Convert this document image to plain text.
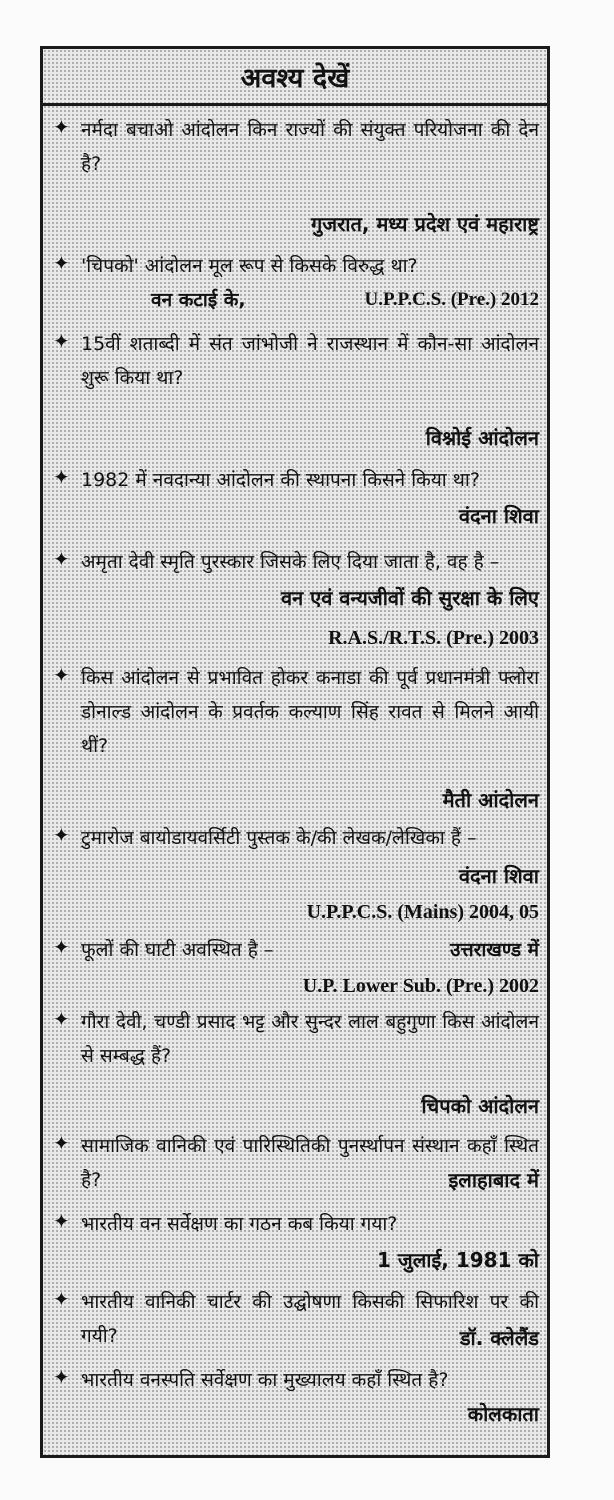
अवश्य देखें
✦ नर्मदा बचाओ आंदोलन किन राज्यों की संयुक्त परियोजना की देन है?
गुजरात, मध्य प्रदेश एवं महाराष्ट्र
✦ 'चिपको' आंदोलन मूल रूप से किसके विरुद्ध था?
वन कटाई के,	U.P.P.C.S. (Pre.) 2012
✦ 15वीं शताब्दी में संत जांभोजी ने राजस्थान में कौन-सा आंदोलन शुरू किया था?
विश्नोई आंदोलन
✦ 1982 में नवदान्या आंदोलन की स्थापना किसने किया था?
वंदना शिवा
✦ अमृता देवी स्मृति पुरस्कार जिसके लिए दिया जाता है, वह है –
वन एवं वन्यजीवों की सुरक्षा के लिए
R.A.S./R.T.S. (Pre.) 2003
✦ किस आंदोलन से प्रभावित होकर कनाडा की पूर्व प्रधानमंत्री फ्लोरा डोनाल्ड आंदोलन के प्रवर्तक कल्याण सिंह रावत से मिलने आयी थीं?
मैती आंदोलन
✦ टुमारोज बायोडायवर्सिटी पुस्तक के/की लेखक/लेखिका हैं –
वंदना शिवा
U.P.P.C.S. (Mains) 2004, 05
✦ फूलों की घाटी अवस्थित है –	उत्तराखण्ड में
U.P. Lower Sub. (Pre.) 2002
✦ गौरा देवी, चण्डी प्रसाद भट्ट और सुन्दर लाल बहुगुणा किस आंदोलन से सम्बद्ध हैं?
चिपको आंदोलन
✦ सामाजिक वानिकी एवं पारिस्थितिकी पुनर्स्थापन संस्थान कहाँ स्थित है?	इलाहाबाद में
✦ भारतीय वन सर्वेक्षण का गठन कब किया गया?
1 जुलाई, 1981 को
✦ भारतीय वानिकी चार्टर की उद्घोषणा किसकी सिफारिश पर की गयी?	डॉ. क्लेलैंड
✦ भारतीय वनस्पति सर्वेक्षण का मुख्यालय कहाँ स्थित है?
कोलकाता
